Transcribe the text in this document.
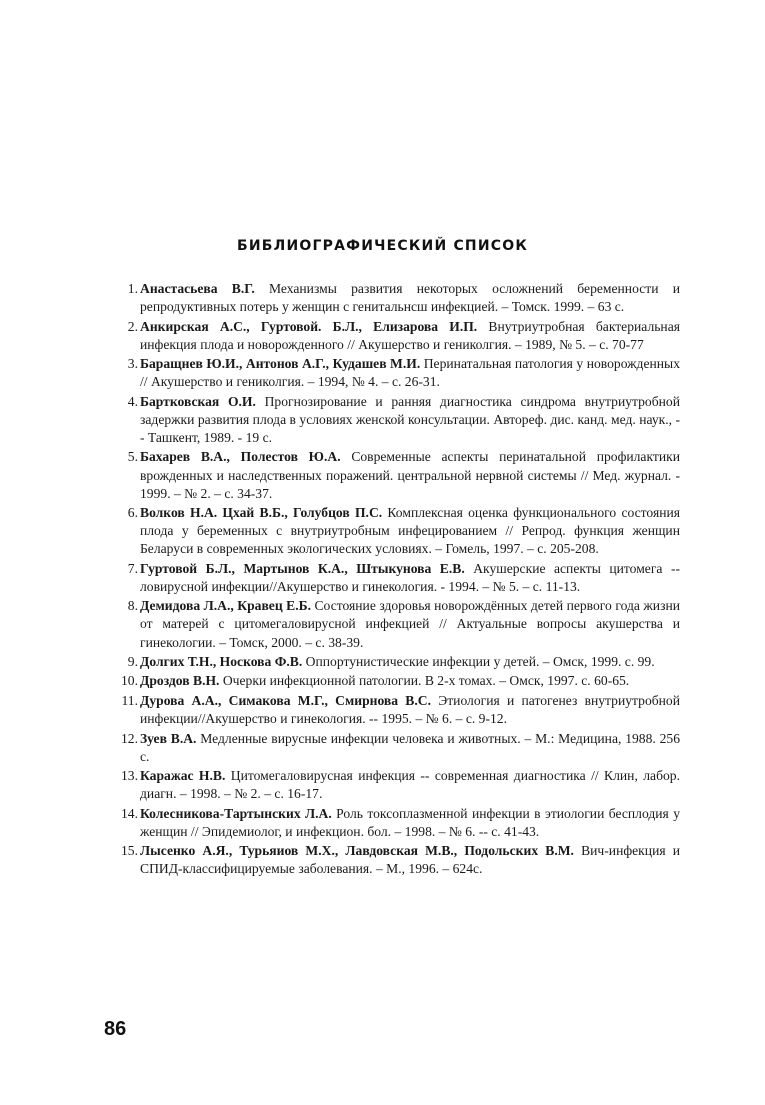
БИБЛИОГРАФИЧЕСКИЙ СПИСОК
1. Анастасьева В.Г. Механизмы развития некоторых осложнений беременности и репродуктивных потерь у женщин с генитальнсш инфекцией. – Томск. 1999. – 63 с.
2. Анкирская А.С., Гуртовой. Б.Л., Елизарова И.П. Внутриутробная бактериальная инфекция плода и новорожденного // Акушерство и гениколгия. – 1989, № 5. – с. 70-77
3. Баращнев Ю.И., Антонов А.Г., Кудашев М.И. Перинатальная патология у новорожденных // Акушерство и гениколгия. – 1994, № 4. – с. 26-31.
4. Бартковская О.И. Прогнозирование и ранняя диагностика синдрома внутриутробной задержки развития плода в условиях женской консультации. Автореф. дис. канд. мед. наук., -- Ташкент, 1989. - 19 с.
5. Бахарев В.А., Полестов Ю.А. Современные аспекты перинатальной профилактики врожденных и наследственных поражений. центральной нервной системы // Мед. журнал. - 1999. – № 2. – с. 34-37.
6. Волков Н.А. Цхай В.Б., Голубцов П.С. Комплексная оценка функционального состояния плода у беременных с внутриутробным инфецированием // Репрод. функция женщин Беларуси в современных экологических условиях. – Гомель, 1997. – с. 205-208.
7. Гуртовой Б.Л., Мартынов К.А., Штыкунова Е.В. Акушерские аспекты цитомега -- ловирусной инфекции//Акушерство и гинекология. - 1994. – № 5. – с. 11-13.
8. Демидова Л.А., Кравец Е.Б. Состояние здоровья новорождённых детей первого года жизни от матерей с цитомегаловирусной инфекцией // Актуальные вопросы акушерства и гинекологии. – Томск, 2000. – с. 38-39.
9. Долгих Т.Н., Носкова Ф.В. Оппортунистические инфекции у детей. – Омск, 1999. с. 99.
10. Дроздов В.Н. Очерки инфекционной патологии. В 2-х томах. – Омск, 1997. с. 60-65.
11. Дурова А.А., Симакова М.Г., Смирнова В.С. Этиология и патогенез внутриутробной инфекции//Акушерство и гинекология. -- 1995. – № 6. – с. 9-12.
12. Зуев В.А. Медленные вирусные инфекции человека и животных. – М.: Медицина, 1988. 256 с.
13. Каражас Н.В. Цитомегаловирусная инфекция -- современная диагностика // Клин, лабор. диагн. – 1998. – № 2. – с. 16-17.
14. Колесникова-Тартынских Л.А. Роль токсоплазменной инфекции в этиологии бесплодия у женщин // Эпидемиолог, и инфекцион. бол. – 1998. – № 6. -- с. 41-43.
15. Лысенко А.Я., Турьяиов М.Х., Лавдовская М.В., Подольских В.М. Вич-инфекция и СПИД-классифицируемые заболевания. – М., 1996. – 624с.
86
